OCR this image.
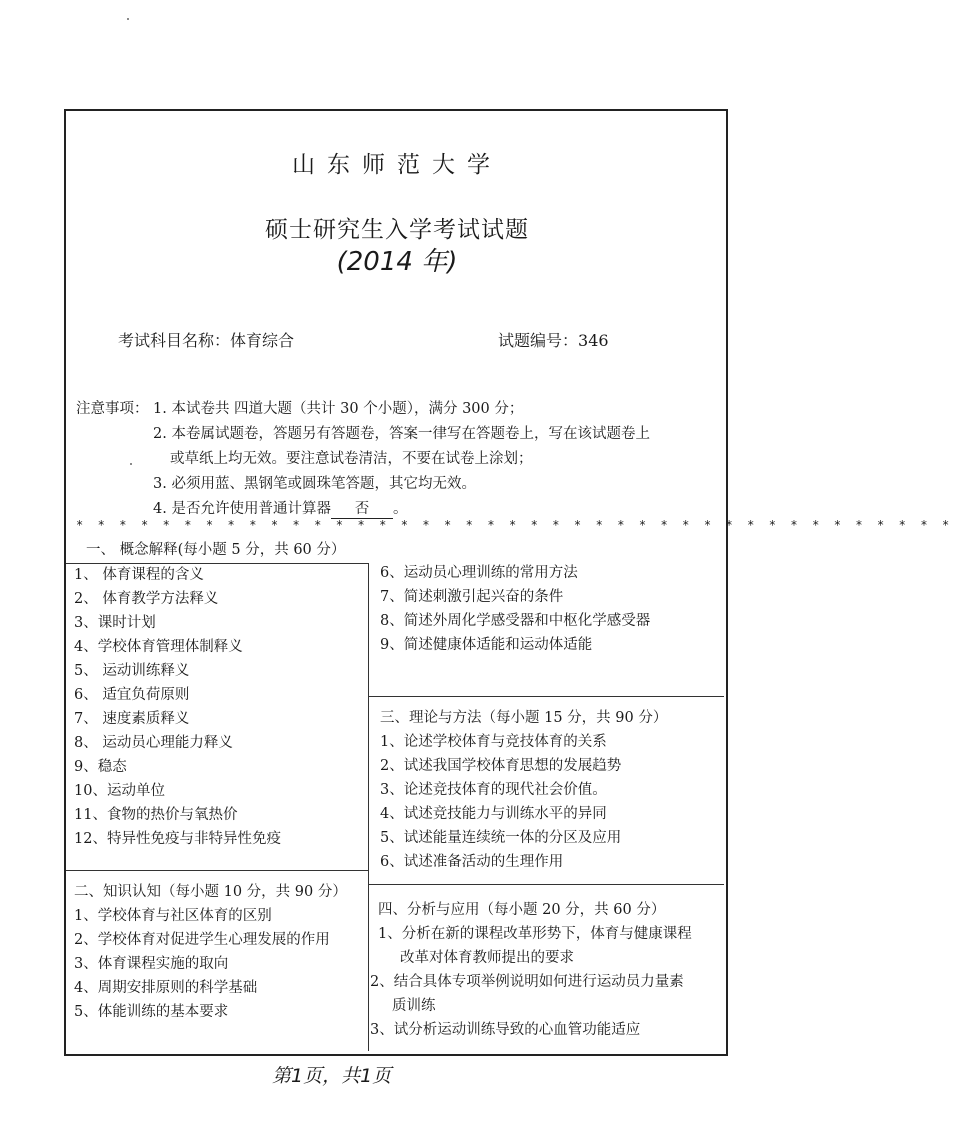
山东师范大学
硕士研究生入学考试试题
(2014 年)
考试科目名称：体育综合	试题编号：346
注意事项： 1. 本试卷共 四道大题（共计 30 个小题），满分 300 分；
2. 本卷属试题卷，答题另有答题卷，答案一律写在答题卷上，写在该试题卷上
或草纸上均无效。要注意试卷清洁，不要在试卷上涂划；
3. 必须用蓝、黑钢笔或圆珠笔答题，其它均无效。
4. 是否允许使用普通计算器 否 。
* * * * * * * * * * * * * * * * * * * * * * * * * * * * * * * * * * * * * * * * *
一、 概念解释(每小题 5 分，共 60 分）
1、 体育课程的含义
2、 体育教学方法释义
3、课时计划
4、学校体育管理体制释义
5、 运动训练释义
6、 适宜负荷原则
7、 速度素质释义
8、 运动员心理能力释义
9、稳态
10、运动单位
11、食物的热价与氧热价
12、特异性免疫与非特异性免疫
6、运动员心理训练的常用方法
7、简述刺激引起兴奋的条件
8、简述外周化学感受器和中枢化学感受器
9、简述健康体适能和运动体适能
二、知识认知（每小题 10 分，共 90 分）
1、学校体育与社区体育的区别
2、学校体育对促进学生心理发展的作用
3、体育课程实施的取向
4、周期安排原则的科学基础
5、体能训练的基本要求
三、理论与方法（每小题 15 分，共 90 分）
1、论述学校体育与竞技体育的关系
2、试述我国学校体育思想的发展趋势
3、论述竞技体育的现代社会价值。
4、试述竞技能力与训练水平的异同
5、试述能量连续统一体的分区及应用
6、试述准备活动的生理作用
四、分析与应用（每小题 20 分，共 60 分）
1、分析在新的课程改革形势下，体育与健康课程
改革对体育教师提出的要求
2、结合具体专项举例说明如何进行运动员力量素
质训练
3、试分析运动训练导致的心血管功能适应
第1页，共1页
